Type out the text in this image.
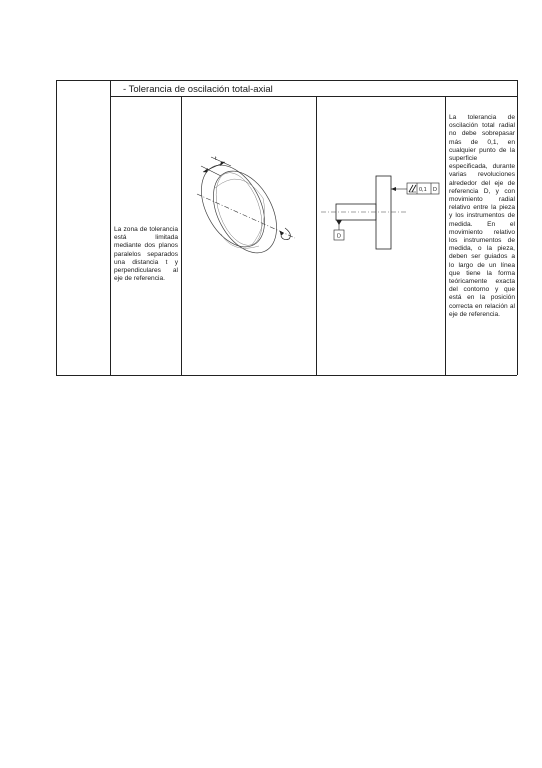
- Tolerancia de oscilación total-axial
La zona de tolerancia está limitada mediante dos planos paralelos separados una distancia t y perpendiculares al eje de referencia.
t
0,1 D
D
La tolerancia de oscilación total radial no debe sobrepasar más de 0,1, en cualquier punto de la superficie especificada, durante varias revoluciones alrededor del eje de referencia D, y con movimiento radial relativo entre la pieza y los instrumentos de medida. En el movimiento relativo los instrumentos de medida, o la pieza, deben ser guiados a lo largo de un línea que tiene la forma teóricamente exacta del contorno y que está en la posición correcta en relación al eje de referencia.
